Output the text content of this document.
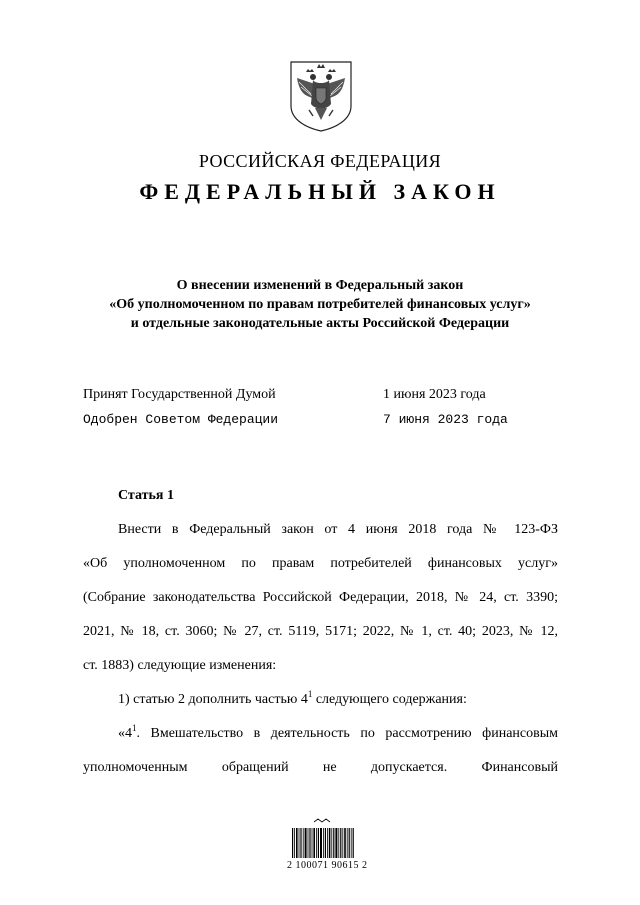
РОССИЙСКАЯ ФЕДЕРАЦИЯ
ФЕДЕРАЛЬНЫЙ ЗАКОН
О внесении изменений в Федеральный закон
«Об уполномоченном по правам потребителей финансовых услуг»
и отдельные законодательные акты Российской Федерации
Принят Государственной Думой	1 июня 2023 года
Одобрен Советом Федерации	7 июня 2023 года
Статья 1
Внести в Федеральный закон от 4 июня 2018 года № 123-ФЗ
«Об уполномоченном по правам потребителей финансовых услуг»
(Собрание законодательства Российской Федерации, 2018, № 24, ст. 3390;
2021, № 18, ст. 3060; № 27, ст. 5119, 5171; 2022, № 1, ст. 40; 2023, № 12,
ст. 1883) следующие изменения:
1) статью 2 дополнить частью $4^1$ следующего содержания:
«$4^1$. Вмешательство в деятельность по рассмотрению финансовым
уполномоченным обращений не допускается. Финансовый
2 100071 90615 2
